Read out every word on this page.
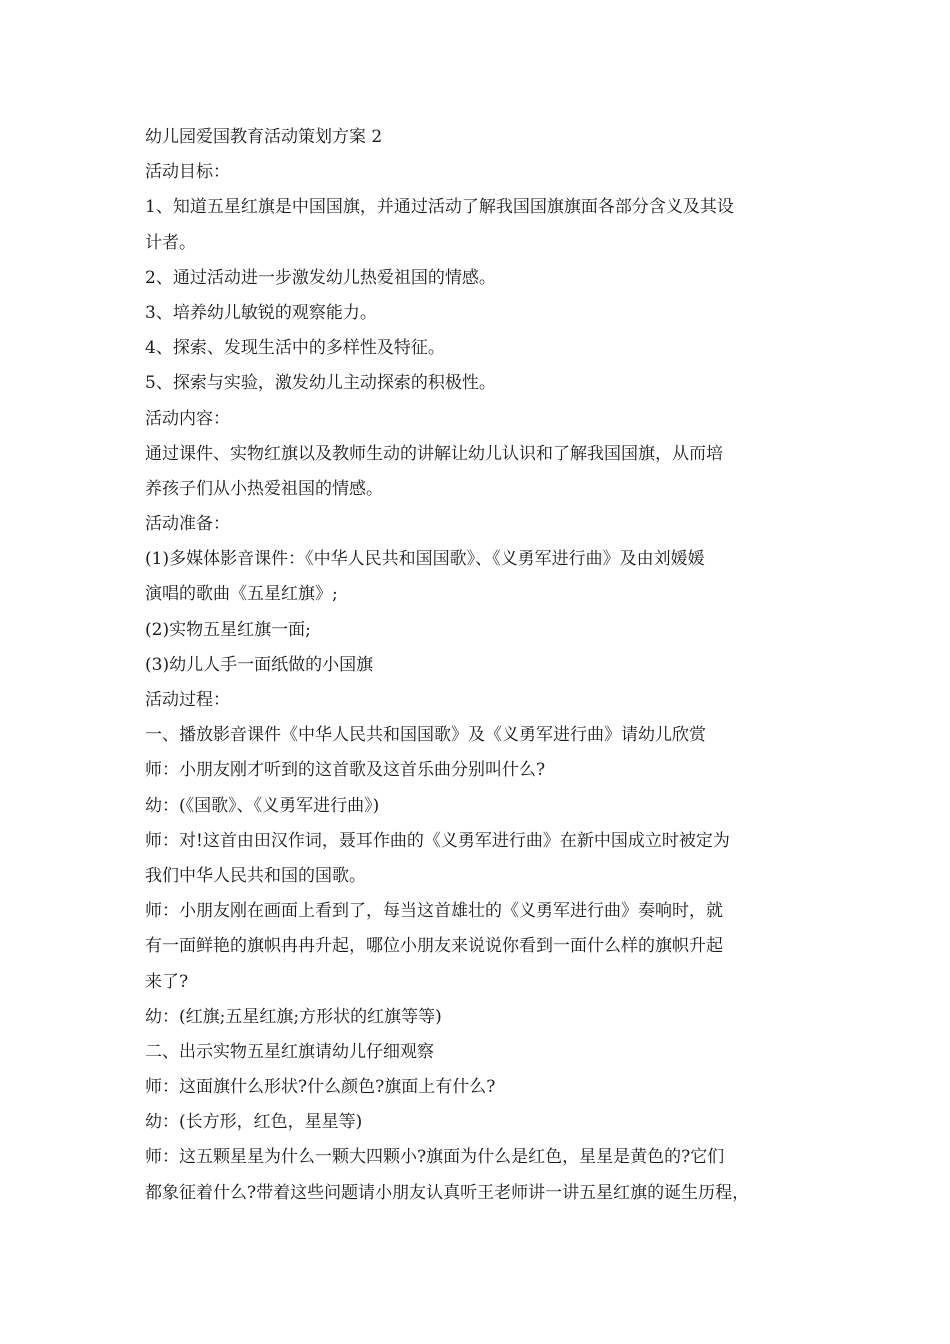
幼儿园爱国教育活动策划方案 2
活动目标：
1、知道五星红旗是中国国旗，并通过活动了解我国国旗旗面各部分含义及其设
计者。
2、通过活动进一步激发幼儿热爱祖国的情感。
3、培养幼儿敏锐的观察能力。
4、探索、发现生活中的多样性及特征。
5、探索与实验，激发幼儿主动探索的积极性。
活动内容：
通过课件、实物红旗以及教师生动的讲解让幼儿认识和了解我国国旗，从而培
养孩子们从小热爱祖国的情感。
活动准备：
(1)多媒体影音课件：《中华人民共和国国歌》、《义勇军进行曲》及由刘媛媛
演唱的歌曲《五星红旗》;
(2)实物五星红旗一面;
(3)幼儿人手一面纸做的小国旗
活动过程：
一、播放影音课件《中华人民共和国国歌》及《义勇军进行曲》请幼儿欣赏
师：小朋友刚才听到的这首歌及这首乐曲分别叫什么?
幼：(《国歌》、《义勇军进行曲》)
师：对!这首由田汉作词，聂耳作曲的《义勇军进行曲》在新中国成立时被定为
我们中华人民共和国的国歌。
师：小朋友刚在画面上看到了，每当这首雄壮的《义勇军进行曲》奏响时，就
有一面鲜艳的旗帜冉冉升起，哪位小朋友来说说你看到一面什么样的旗帜升起
来了?
幼：(红旗;五星红旗;方形状的红旗等等)
二、出示实物五星红旗请幼儿仔细观察
师：这面旗什么形状?什么颜色?旗面上有什么?
幼：(长方形，红色，星星等)
师：这五颗星星为什么一颗大四颗小?旗面为什么是红色，星星是黄色的?它们
都象征着什么?带着这些问题请小朋友认真听王老师讲一讲五星红旗的诞生历程，
